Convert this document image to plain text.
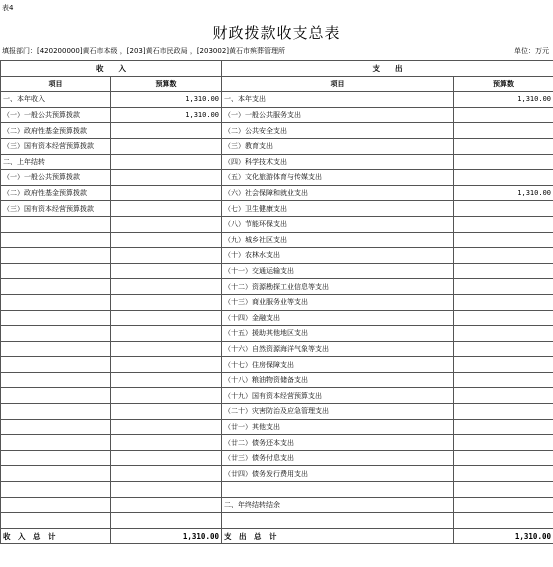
表4
财政拨款收支总表
填报部门：[420200000]黄石市本级 ，[203]黄石市民政局 ，[203002]黄石市殡葬管理所	单位：万元
收　　入		支　　出	
项目	预算数	项目	预算数
一、本年收入	1,310.00	一、本年支出	1,310.00
（一）一般公共预算拨款	1,310.00	（一）一般公共服务支出	
（二）政府性基金预算拨款		（二）公共安全支出	
（三）国有资本经营预算拨款		（三）教育支出	
二、上年结转		（四）科学技术支出	
（一）一般公共预算拨款		（五）文化旅游体育与传媒支出	
（二）政府性基金预算拨款		（六）社会保障和就业支出	1,310.00
（三）国有资本经营预算拨款		（七）卫生健康支出	
		（八）节能环保支出	
		（九）城乡社区支出	
		（十）农林水支出	
		（十一）交通运输支出	
		（十二）资源勘探工业信息等支出	
		（十三）商业服务业等支出	
		（十四）金融支出	
		（十五）援助其他地区支出	
		（十六）自然资源海洋气象等支出	
		（十七）住房保障支出	
		（十八）粮油物资储备支出	
		（十九）国有资本经营预算支出	
		（二十）灾害防治及应急管理支出	
		（廿一）其他支出	
		（廿二）债务还本支出	
		（廿三）债务付息支出	
		（廿四）债务发行费用支出	

		二、年终结转结余	

收　入　总　计	1,310.00	支　出　总　计	1,310.00
